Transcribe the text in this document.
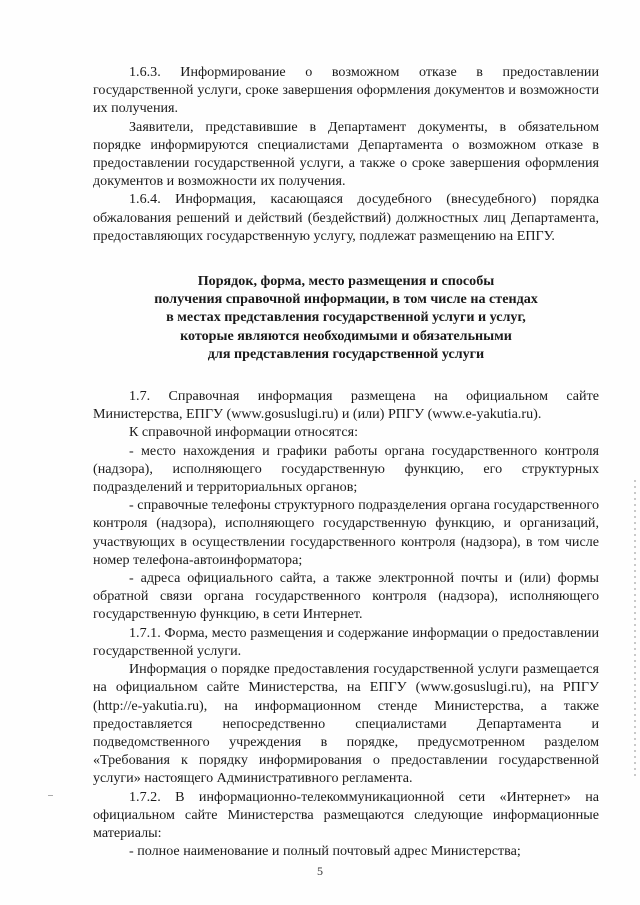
1.6.3. Информирование о возможном отказе в предоставлении государственной услуги, сроке завершения оформления документов и возможности их получения.

Заявители, представившие в Департамент документы, в обязательном порядке информируются специалистами Департамента о возможном отказе в предоставлении государственной услуги, а также о сроке завершения оформления документов и возможности их получения.

1.6.4. Информация, касающаяся досудебного (внесудебного) порядка обжалования решений и действий (бездействий) должностных лиц Департамента, предоставляющих государственную услугу, подлежат размещению на ЕПГУ.

Порядок, форма, место размещения и способы
получения справочной информации, в том числе на стендах
в местах представления государственной услуги и услуг,
которые являются необходимыми и обязательными
для представления государственной услуги

1.7. Справочная информация размещена на официальном сайте Министерства, ЕПГУ (www.gosuslugi.ru) и (или) РПГУ (www.e-yakutia.ru).

К справочной информации относятся:

- место нахождения и графики работы органа государственного контроля (надзора), исполняющего государственную функцию, его структурных подразделений и территориальных органов;

- справочные телефоны структурного подразделения органа государственного контроля (надзора), исполняющего государственную функцию, и организаций, участвующих в осуществлении государственного контроля (надзора), в том числе номер телефона-автоинформатора;

- адреса официального сайта, а также электронной почты и (или) формы обратной связи органа государственного контроля (надзора), исполняющего государственную функцию, в сети Интернет.

1.7.1. Форма, место размещения и содержание информации о предоставлении государственной услуги.

Информация о порядке предоставления государственной услуги размещается на официальном сайте Министерства, на ЕПГУ (www.gosuslugi.ru), на РПГУ (http://e-yakutia.ru), на информационном стенде Министерства, а также предоставляется непосредственно специалистами Департамента и подведомственного учреждения в порядке, предусмотренном разделом «Требования к порядку информирования о предоставлении государственной услуги» настоящего Административного регламента.

1.7.2. В информационно-телекоммуникационной сети «Интернет» на официальном сайте Министерства размещаются следующие информационные материалы:

- полное наименование и полный почтовый адрес Министерства;

5
